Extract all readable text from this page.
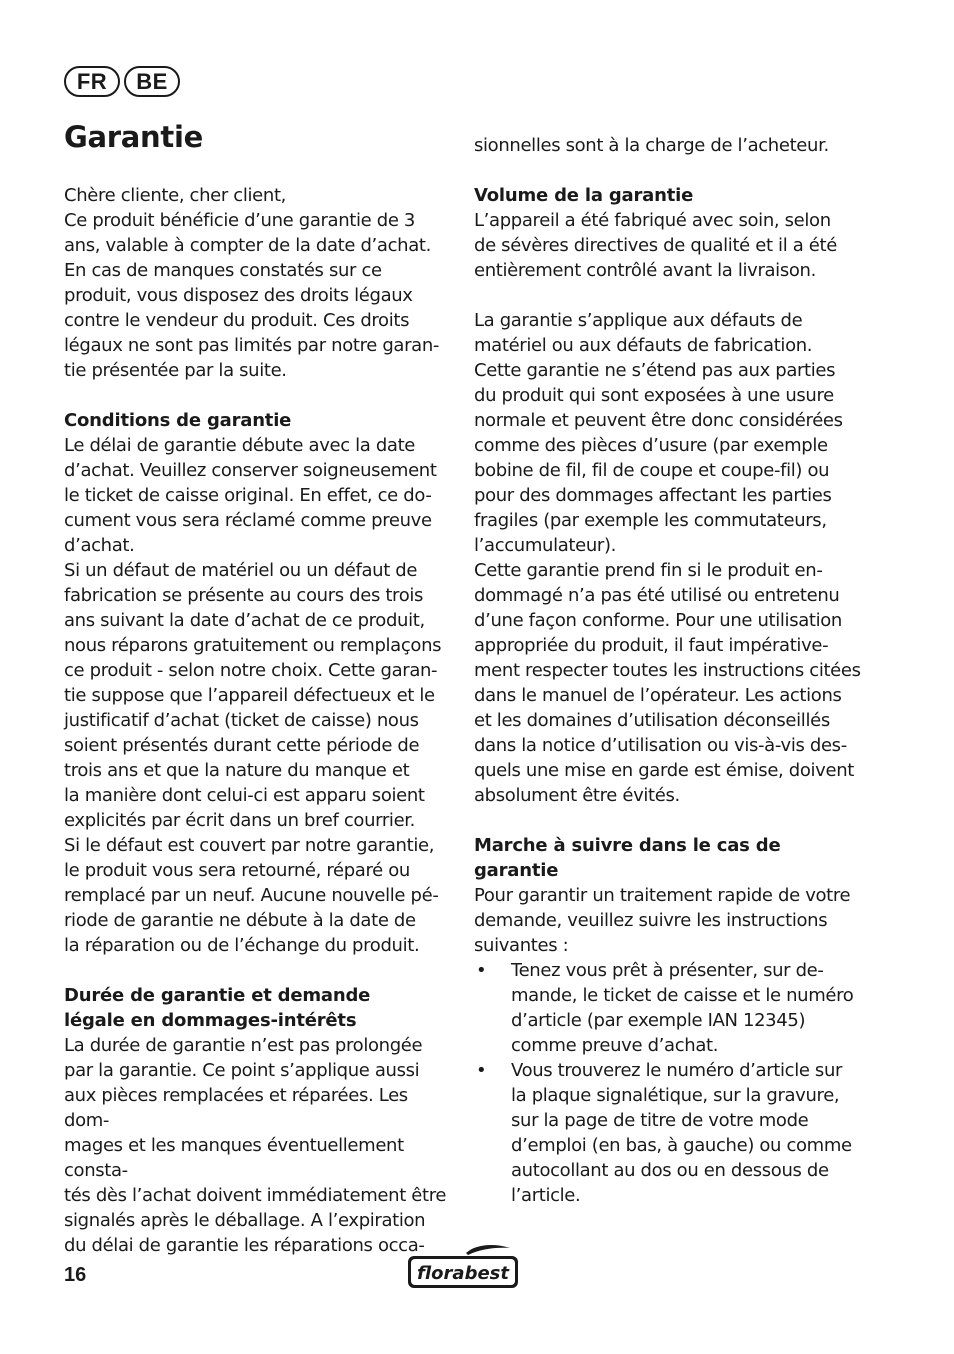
FR	BE
Garantie

Chère cliente, cher client,
Ce produit bénéficie d’une garantie de 3
ans, valable à compter de la date d’achat.
En cas de manques constatés sur ce
produit, vous disposez des droits légaux
contre le vendeur du produit. Ces droits
légaux ne sont pas limités par notre garan-
tie présentée par la suite.

Conditions de garantie

Le délai de garantie débute avec la date
d’achat. Veuillez conserver soigneusement
le ticket de caisse original. En effet, ce do-
cument vous sera réclamé comme preuve
d’achat.
Si un défaut de matériel ou un défaut de
fabrication se présente au cours des trois
ans suivant la date d’achat de ce produit,
nous réparons gratuitement ou remplaçons
ce produit - selon notre choix. Cette garan-
tie suppose que l’appareil défectueux et le
justificatif d’achat (ticket de caisse) nous
soient présentés durant cette période de
trois ans et que la nature du manque et
la manière dont celui-ci est apparu soient
explicités par écrit dans un bref courrier.
Si le défaut est couvert par notre garantie,
le produit vous sera retourné, réparé ou
remplacé par un neuf. Aucune nouvelle pé-
riode de garantie ne débute à la date de
la réparation ou de l’échange du produit.

Durée de garantie et demande
légale en dommages-intérêts

La durée de garantie n’est pas prolongée
par la garantie. Ce point s’applique aussi
aux pièces remplacées et réparées. Les dom-
mages et les manques éventuellement consta-
tés dès l’achat doivent immédiatement être
signalés après le déballage. A l’expiration
du délai de garantie les réparations occa-

sionnelles sont à la charge de l’acheteur.

Volume de la garantie

L’appareil a été fabriqué avec soin, selon
de sévères directives de qualité et il a été
entièrement contrôlé avant la livraison.

La garantie s’applique aux défauts de
matériel ou aux défauts de fabrication.
Cette garantie ne s’étend pas aux parties
du produit qui sont exposées à une usure
normale et peuvent être donc considérées
comme des pièces d’usure (par exemple
bobine de fil, fil de coupe et coupe-fil) ou
pour des dommages affectant les parties
fragiles (par exemple les commutateurs,
l’accumulateur).
Cette garantie prend fin si le produit en-
dommagé n’a pas été utilisé ou entretenu
d’une façon conforme. Pour une utilisation
appropriée du produit, il faut impérative-
ment respecter toutes les instructions citées
dans le manuel de l’opérateur. Les actions
et les domaines d’utilisation déconseillés
dans la notice d’utilisation ou vis-à-vis des-
quels une mise en garde est émise, doivent
absolument être évités.

Marche à suivre dans le cas de
garantie

Pour garantir un traitement rapide de votre
demande, veuillez suivre les instructions
suivantes :

•	Tenez vous prêt à présenter, sur de-
mande, le ticket de caisse et le numéro
d’article (par exemple IAN 12345)
comme preuve d’achat.
•	Vous trouverez le numéro d’article sur
la plaque signalétique, sur la gravure,
sur la page de titre de votre mode
d’emploi (en bas, à gauche) ou comme
autocollant au dos ou en dessous de
l’article.
16	florabest
